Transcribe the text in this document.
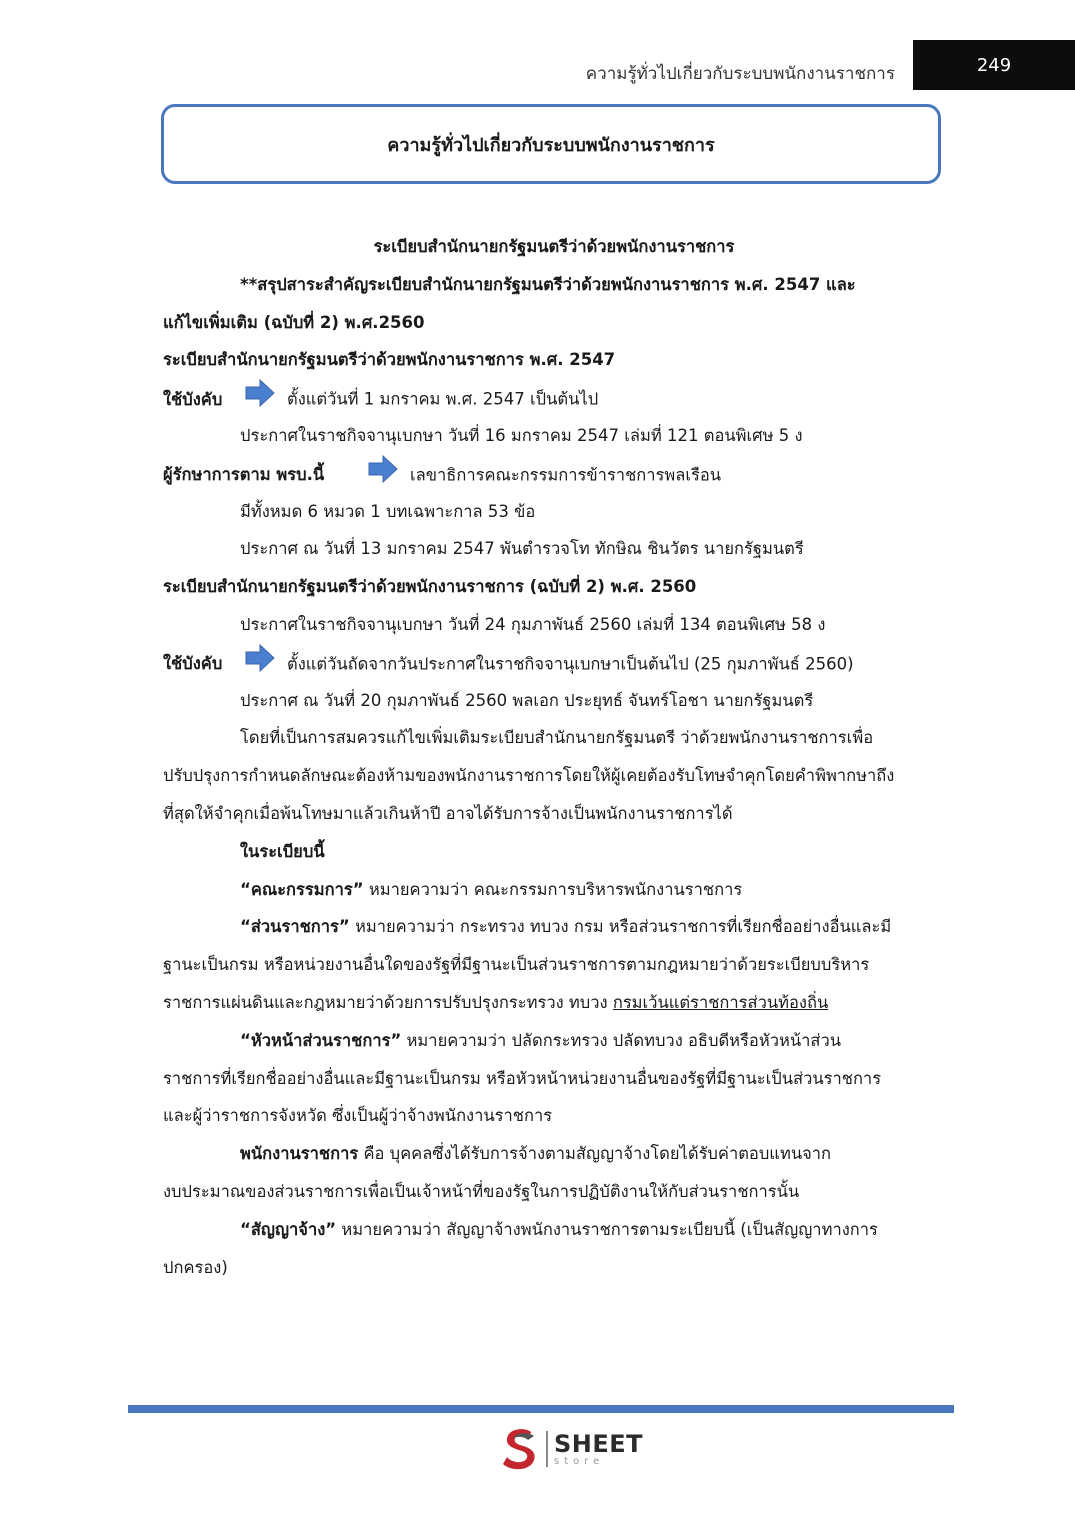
ความรู้ทั่วไปเกี่ยวกับระบบพนักงานราชการ	249
ความรู้ทั่วไปเกี่ยวกับระบบพนักงานราชการ
ระเบียบสำนักนายกรัฐมนตรีว่าด้วยพนักงานราชการ
**สรุปสาระสำคัญระเบียบสำนักนายกรัฐมนตรีว่าด้วยพนักงานราชการ พ.ศ. 2547 และ
แก้ไขเพิ่มเติม (ฉบับที่ 2) พ.ศ.2560
ระเบียบสำนักนายกรัฐมนตรีว่าด้วยพนักงานราชการ พ.ศ. 2547
ใช้บังคับ	ตั้งแต่วันที่ 1 มกราคม พ.ศ. 2547 เป็นต้นไป
ประกาศในราชกิจจานุเบกษา วันที่ 16 มกราคม 2547 เล่มที่ 121 ตอนพิเศษ 5 ง
ผู้รักษาการตาม พรบ.นี้	เลขาธิการคณะกรรมการข้าราชการพลเรือน
มีทั้งหมด 6 หมวด 1 บทเฉพาะกาล 53 ข้อ
ประกาศ ณ วันที่ 13 มกราคม 2547 พันตำรวจโท ทักษิณ ชินวัตร นายกรัฐมนตรี
ระเบียบสำนักนายกรัฐมนตรีว่าด้วยพนักงานราชการ (ฉบับที่ 2) พ.ศ. 2560
ประกาศในราชกิจจานุเบกษา วันที่ 24 กุมภาพันธ์ 2560 เล่มที่ 134 ตอนพิเศษ 58 ง
ใช้บังคับ	ตั้งแต่วันถัดจากวันประกาศในราชกิจจานุเบกษาเป็นต้นไป (25 กุมภาพันธ์ 2560)
ประกาศ ณ วันที่ 20 กุมภาพันธ์ 2560 พลเอก ประยุทธ์ จันทร์โอชา นายกรัฐมนตรี
โดยที่เป็นการสมควรแก้ไขเพิ่มเติมระเบียบสำนักนายกรัฐมนตรี ว่าด้วยพนักงานราชการเพื่อ
ปรับปรุงการกำหนดลักษณะต้องห้ามของพนักงานราชการโดยให้ผู้เคยต้องรับโทษจำคุกโดยคำพิพากษาถึง
ที่สุดให้จำคุกเมื่อพ้นโทษมาแล้วเกินห้าปี อาจได้รับการจ้างเป็นพนักงานราชการได้
ในระเบียบนี้
“คณะกรรมการ” หมายความว่า คณะกรรมการบริหารพนักงานราชการ
“ส่วนราชการ” หมายความว่า กระทรวง ทบวง กรม หรือส่วนราชการที่เรียกชื่ออย่างอื่นและมี
ฐานะเป็นกรม หรือหน่วยงานอื่นใดของรัฐที่มีฐานะเป็นส่วนราชการตามกฎหมายว่าด้วยระเบียบบริหาร
ราชการแผ่นดินและกฎหมายว่าด้วยการปรับปรุงกระทรวง ทบวง กรมเว้นแต่ราชการส่วนท้องถิ่น
“หัวหน้าส่วนราชการ” หมายความว่า ปลัดกระทรวง ปลัดทบวง อธิบดีหรือหัวหน้าส่วน
ราชการที่เรียกชื่ออย่างอื่นและมีฐานะเป็นกรม หรือหัวหน้าหน่วยงานอื่นของรัฐที่มีฐานะเป็นส่วนราชการ
และผู้ว่าราชการจังหวัด ซึ่งเป็นผู้ว่าจ้างพนักงานราชการ
พนักงานราชการ คือ บุคคลซึ่งได้รับการจ้างตามสัญญาจ้างโดยได้รับค่าตอบแทนจาก
งบประมาณของส่วนราชการเพื่อเป็นเจ้าหน้าที่ของรัฐในการปฏิบัติงานให้กับส่วนราชการนั้น
“สัญญาจ้าง” หมายความว่า สัญญาจ้างพนักงานราชการตามระเบียบนี้ (เป็นสัญญาทางการ
ปกครอง)
SHEET
store
